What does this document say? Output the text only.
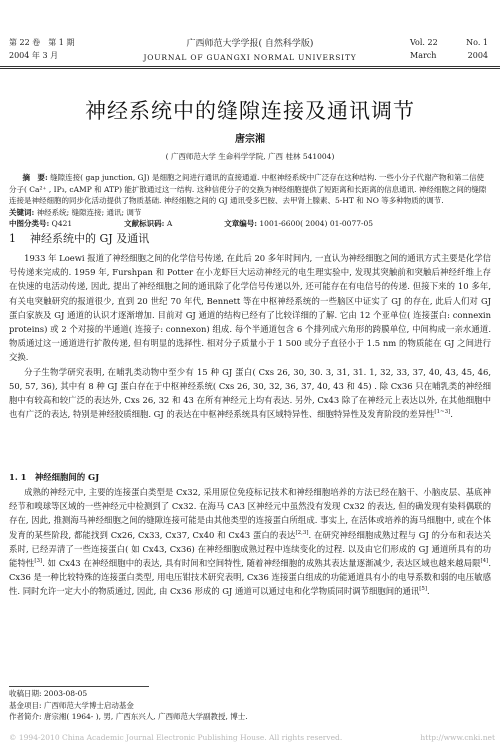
第 22 卷　第 1 期
2004 年 3 月
广西师范大学学报( 自然科学版)
JOURNAL OF GUANGXI NORMAL UNIVERSITY
Vol. 22	No. 1
March	2004
神经系统中的缝隙连接及通讯调节
唐宗湘
( 广西师范大学 生命科学学院, 广西 桂林 541004)
摘　要: 缝隙连接( gap junction, GJ) 是细胞之间进行通讯的直接通道. 中枢神经系统中广泛存在这种结构. 一些小分子代谢产物和第二信使分子( Ca²⁺ , IP₃, cAMP 和 ATP) 能扩散通过这一结构. 这种信使分子的交换为神经细胞提供了短距离和长距离的信息通讯. 神经细胞之间的缝隙连接是神经细胞的同步化活动提供了物质基础. 神经细胞之间的 GJ 通讯受多巴胺、去甲肾上腺素、5-HT 和 NO 等多种物质的调节.
关键词: 神经系统; 缝隙连接; 通讯; 调节
中图分类号: Q421	文献标识码: A	文章编号: 1001-6600( 2004) 01-0077-05
1 神经系统中的 GJ 及通讯
1933 年 Loewi 报道了神经细胞之间的化学信号传递, 在此后 20 多年时间内, 一直认为神经细胞之间的通讯方式主要是化学信号传递来完成的. 1959 年, Furshpan 和 Potter 在小龙虾巨大运动神经元的电生理实验中, 发现其突触前和突触后神经纤维上存在快速的电活动传递, 因此, 提出了神经细胞之间的通讯除了化学信号传递以外, 还可能存在有电信号的传递. 但接下来的 10 多年, 有关电突触研究的报道很少, 直到 20 世纪 70 年代, Bennett 等在中枢神经系统的一些脑区中证实了 GJ 的存在, 此后人们对 GJ 蛋白家族及 GJ 通道的认识才逐渐增加. 目前对 GJ 通道的结构已经有了比较详细的了解. 它由 12 个亚单位( 连接蛋白: connexin proteins) 或 2 个对接的半通道( 连接子: connexon) 组成. 每个半通道包含 6 个排列成六角形的跨膜单位, 中间构成一亲水通道. 物质通过这一通道进行扩散传递, 但有明显的选择性. 相对分子质量小于 1 500 或分子直径小于 1.5 nm 的物质能在 GJ 之间进行交换.
分子生物学研究表明, 在哺乳类动物中至少有 15 种 GJ 蛋白( Cxs 26, 30, 30. 3, 31, 31. 1, 32, 33, 37, 40, 43, 45, 46, 50, 57, 36), 其中有 8 种 GJ 蛋白存在于中枢神经系统( Cxs 26, 30, 32, 36, 37, 40, 43 和 45) . 除 Cx36 只在哺乳类的神经细胞中有较高和较广泛的表达外, Cxs 26, 32 和 43 在所有神经元上均有表达. 另外, Cx43 除了在神经元上表达以外, 在其他细胞中也有广泛的表达, 特别是神经胶质细胞. GJ 的表达在中枢神经系统具有区域特异性、细胞特异性及发育阶段的差异性[1~3].
1. 1　 神经细胞间的 GJ
成熟的神经元中, 主要的连接蛋白类型是 Cx32, 采用原位免疫标记技术和神经细胞培养的方法已经在脑干、小脑皮层、基底神经节和嗅球等区域的一些神经元中检测到了 Cx32. 在海马 CA3 区神经元中虽然没有发现 Cx32 的表达, 但的确发现有染料偶联的存在, 因此, 推测海马神经细胞之间的缝隙连接可能是由其他类型的连接蛋白所组成. 事实上, 在活体或培养的海马细胞中, 或在个体发育的某些阶段, 都能找到 Cx26, Cx33, Cx37, Cx40 和 Cx43 蛋白的表达[2,3]. 在研究神经细胞成熟过程与 GJ 的分布和表达关系时, 已经弄清了一些连接蛋白( 如 Cx43, Cx36) 在神经细胞成熟过程中连续变化的过程. 以及由它们形成的 GJ 通道所具有的功能特性[3]. 如 Cx43 在神经细胞中的表达, 具有时间和空间特性, 随着神经细胞的成熟其表达量逐渐减少, 表达区域也越来越局限[4]. Cx36 是一种比较特殊的连接蛋白类型, 用电压钳技术研究表明, Cx36 连接蛋白组成的功能通道具有小的电导系数和弱的电压敏感性. 同时允许一定大小的物质通过, 因此, 由 Cx36 形成的 GJ 通道可以通过电和化学物质同时调节细胞间的通讯[5].
收稿日期: 2003-08-05
基金项目: 广西师范大学博士启动基金
作者简介: 唐宗湘( 1964- ), 男, 广西东兴人, 广西师范大学副教授, 博士.
© 1994-2010 China Academic Journal Electronic Publishing House. All rights reserved.	http://www.cnki.net
